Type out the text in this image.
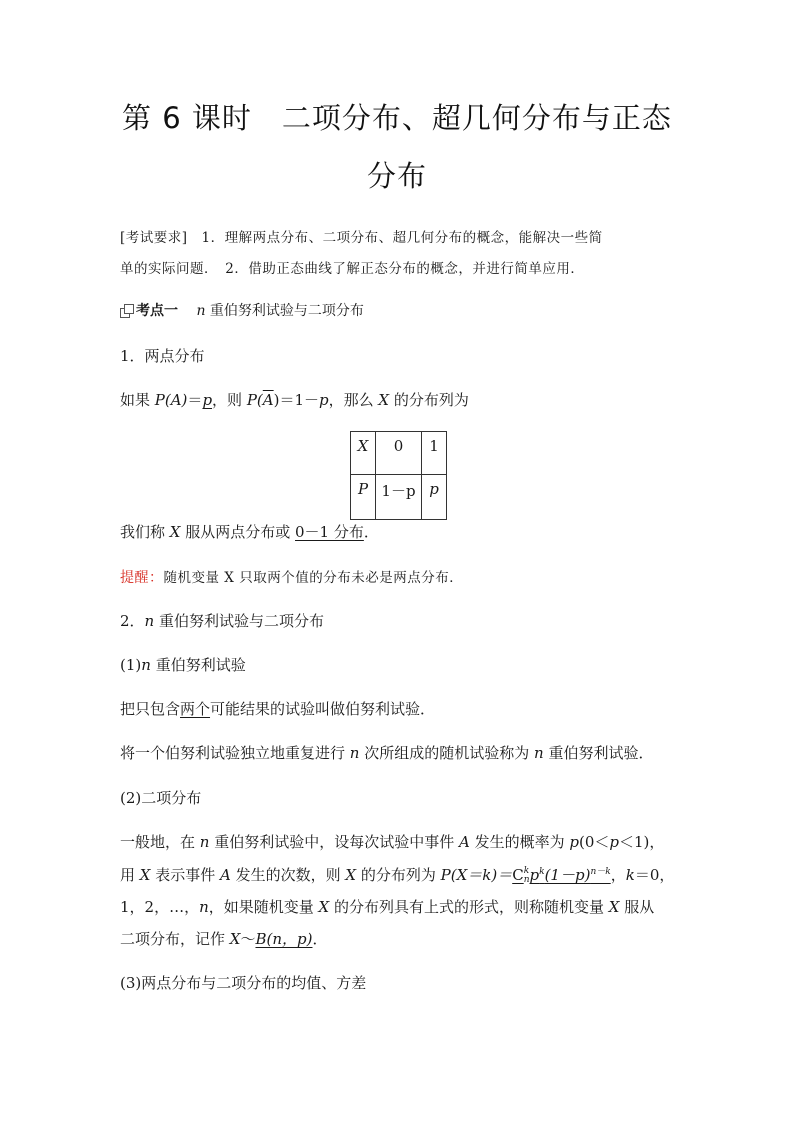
第 6 课时　二项分布、超几何分布与正态
分布
[考试要求]　1．理解两点分布、二项分布、超几何分布的概念，能解决一些简
单的实际问题．　2．借助正态曲线了解正态分布的概念，并进行简单应用．
考点一　 n 重伯努利试验与二项分布
1．两点分布
如果 P(A)＝p，则 $P(\overline{A})=1-p$，那么 X 的分布列为
X	0	1

P	1－p	p
我们称 X 服从两点分布或 0－1 分布．
提醒：随机变量 X 只取两个值的分布未必是两点分布．
2．n 重伯努利试验与二项分布
(1)n 重伯努利试验
把只包含两个可能结果的试验叫做伯努利试验．
将一个伯努利试验独立地重复进行 n 次所组成的随机试验称为 n 重伯努利试验．
(2)二项分布
一般地，在 n 重伯努利试验中，设每次试验中事件 A 发生的概率为 p(0＜p＜1)，
用 X 表示事件 A 发生的次数，则 X 的分布列为 P(X＝k)＝C k
n $p^k(1-p)^{n-k}$，k＝0，
1，2，…，n，如果随机变量 X 的分布列具有上式的形式，则称随机变量 X 服从
二项分布，记作 X～B(n，p)．
(3)两点分布与二项分布的均值、方差
